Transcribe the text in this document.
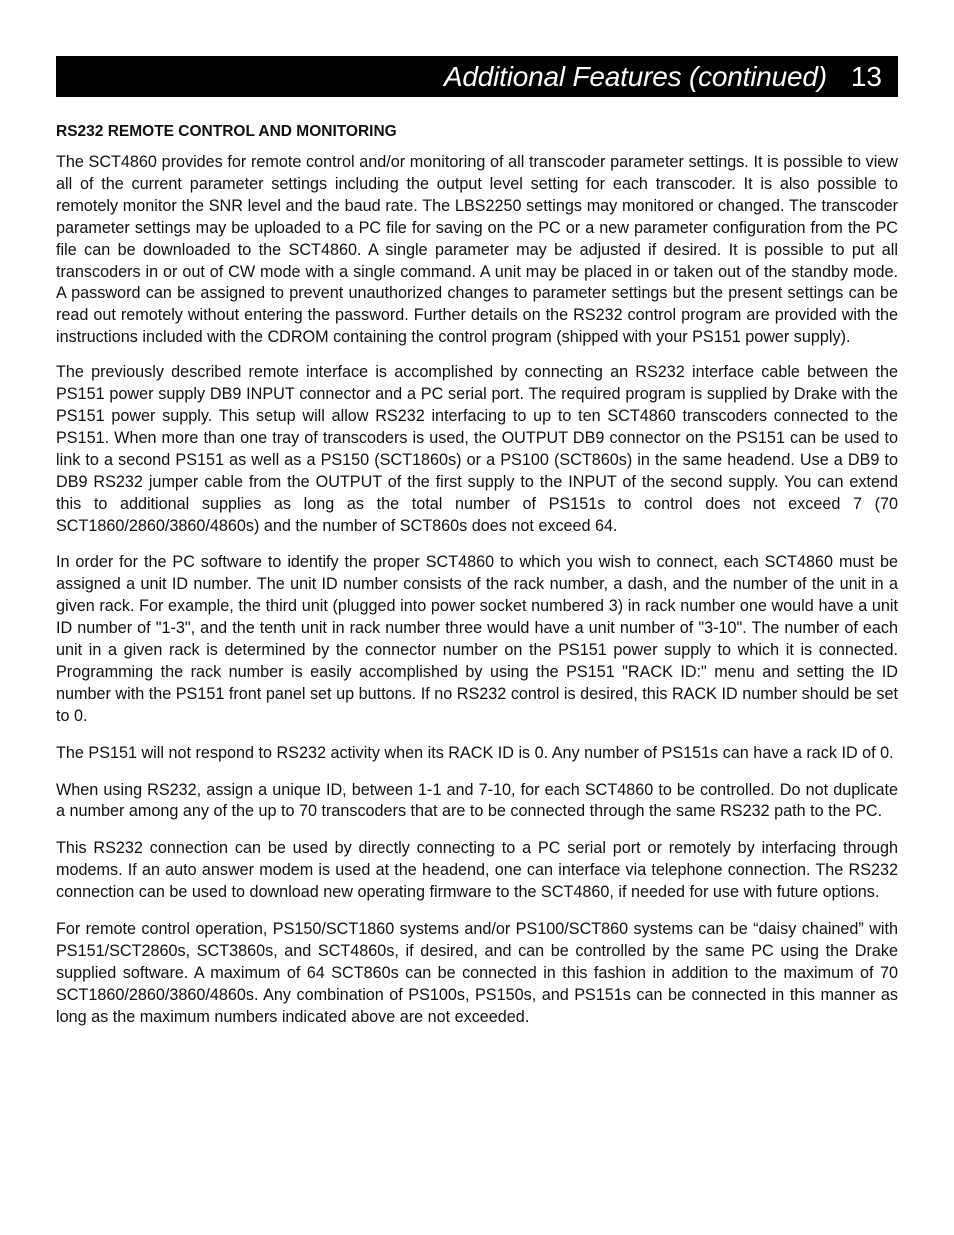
Additional Features (continued) 13
RS232 REMOTE CONTROL AND MONITORING

The SCT4860 provides for remote control and/or monitoring of all transcoder parameter settings. It is possible to view all of the current parameter settings including the output level setting for each transcoder. It is also possible to remotely monitor the SNR level and the baud rate. The LBS2250 settings may monitored or changed. The transcoder parameter settings may be uploaded to a PC file for saving on the PC or a new parameter configuration from the PC file can be downloaded to the SCT4860. A single parameter may be adjusted if desired. It is possible to put all transcoders in or out of CW mode with a single command. A unit may be placed in or taken out of the standby mode. A password can be assigned to prevent unauthorized changes to parameter settings but the present settings can be read out remotely without entering the password. Further details on the RS232 control program are provided with the instructions included with the CDROM containing the control program (shipped with your PS151 power supply).

The previously described remote interface is accomplished by connecting an RS232 interface cable between the PS151 power supply DB9 INPUT connector and a PC serial port. The required program is supplied by Drake with the PS151 power supply. This setup will allow RS232 interfacing to up to ten SCT4860 transcoders connected to the PS151. When more than one tray of transcoders is used, the OUTPUT DB9 connector on the PS151 can be used to link to a second PS151 as well as a PS150 (SCT1860s) or a PS100 (SCT860s) in the same headend. Use a DB9 to DB9 RS232 jumper cable from the OUTPUT of the first supply to the INPUT of the second supply. You can extend this to additional supplies as long as the total number of PS151s to control does not exceed 7 (70 SCT1860/2860/3860/4860s) and the number of SCT860s does not exceed 64.

In order for the PC software to identify the proper SCT4860 to which you wish to connect, each SCT4860 must be assigned a unit ID number. The unit ID number consists of the rack number, a dash, and the number of the unit in a given rack. For example, the third unit (plugged into power socket numbered 3) in rack number one would have a unit ID number of "1-3", and the tenth unit in rack number three would have a unit number of "3-10". The number of each unit in a given rack is determined by the connector number on the PS151 power supply to which it is connected. Programming the rack number is easily accomplished by using the PS151 "RACK ID:" menu and setting the ID number with the PS151 front panel set up buttons. If no RS232 control is desired, this RACK ID number should be set to 0.

The PS151 will not respond to RS232 activity when its RACK ID is 0. Any number of PS151s can have a rack ID of 0.

When using RS232, assign a unique ID, between 1-1 and 7-10, for each SCT4860 to be controlled. Do not duplicate a number among any of the up to 70 transcoders that are to be connected through the same RS232 path to the PC.

This RS232 connection can be used by directly connecting to a PC serial port or remotely by interfacing through modems. If an auto answer modem is used at the headend, one can interface via telephone connection. The RS232 connection can be used to download new operating firmware to the SCT4860, if needed for use with future options.

For remote control operation, PS150/SCT1860 systems and/or PS100/SCT860 systems can be “daisy chained” with PS151/SCT2860s, SCT3860s, and SCT4860s, if desired, and can be controlled by the same PC using the Drake supplied software. A maximum of 64 SCT860s can be connected in this fashion in addition to the maximum of 70 SCT1860/2860/3860/4860s. Any combination of PS100s, PS150s, and PS151s can be connected in this manner as long as the maximum numbers indicated above are not exceeded.
